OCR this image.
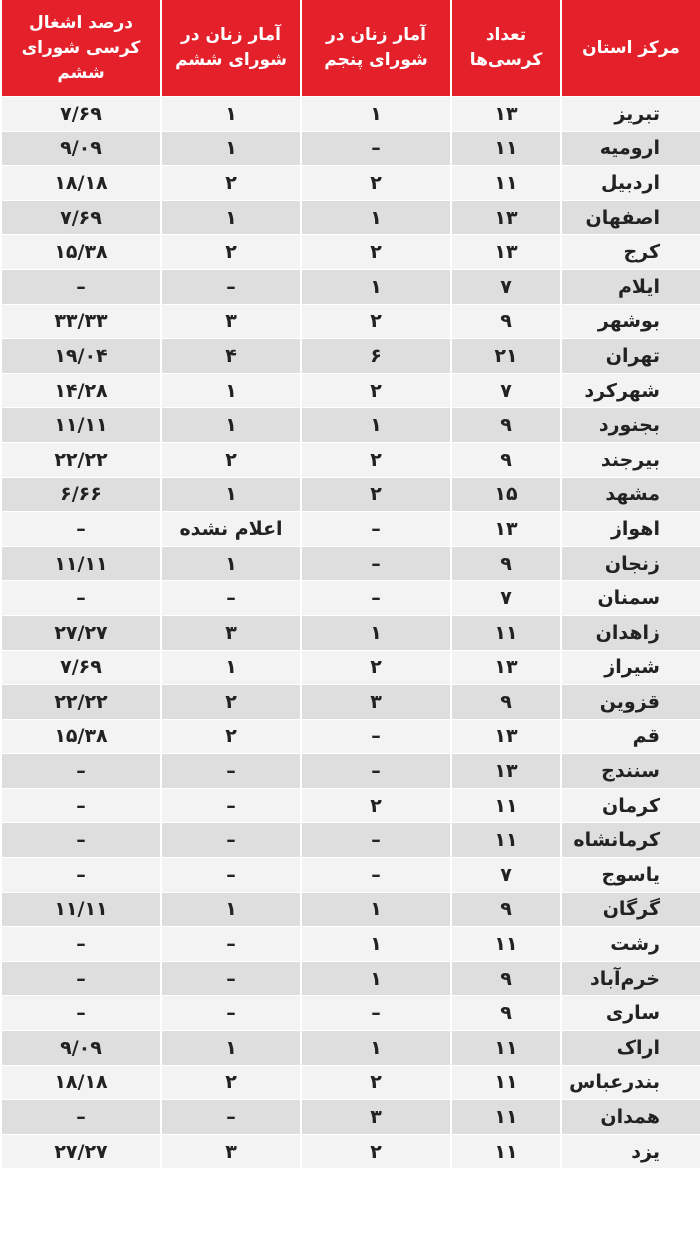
مرکز استان	تعداد کرسی‌ها	آمار زنان در شورای پنجم	آمار زنان در شورای ششم	درصد اشغال کرسی شورای ششم
تبریز	۱۳	۱	۱	۷/۶۹
ارومیه	۱۱	–	۱	۹/۰۹
اردبیل	۱۱	۲	۲	۱۸/۱۸
اصفهان	۱۳	۱	۱	۷/۶۹
کرج	۱۳	۲	۲	۱۵/۳۸
ایلام	۷	۱	–	–
بوشهر	۹	۲	۳	۳۳/۳۳
تهران	۲۱	۶	۴	۱۹/۰۴
شهرکرد	۷	۲	۱	۱۴/۲۸
بجنورد	۹	۱	۱	۱۱/۱۱
بیرجند	۹	۲	۲	۲۲/۲۲
مشهد	۱۵	۲	۱	۶/۶۶
اهواز	۱۳	–	اعلام نشده	–
زنجان	۹	–	۱	۱۱/۱۱
سمنان	۷	–	–	–
زاهدان	۱۱	۱	۳	۲۷/۲۷
شیراز	۱۳	۲	۱	۷/۶۹
قزوین	۹	۳	۲	۲۲/۲۲
قم	۱۳	–	۲	۱۵/۳۸
سنندج	۱۳	–	–	–
کرمان	۱۱	۲	–	–
کرمانشاه	۱۱	–	–	–
یاسوج	۷	–	–	–
گرگان	۹	۱	۱	۱۱/۱۱
رشت	۱۱	۱	–	–
خرم‌آباد	۹	۱	–	–
ساری	۹	–	–	–
اراک	۱۱	۱	۱	۹/۰۹
بندرعباس	۱۱	۲	۲	۱۸/۱۸
همدان	۱۱	۳	–	–
یزد	۱۱	۲	۳	۲۷/۲۷
